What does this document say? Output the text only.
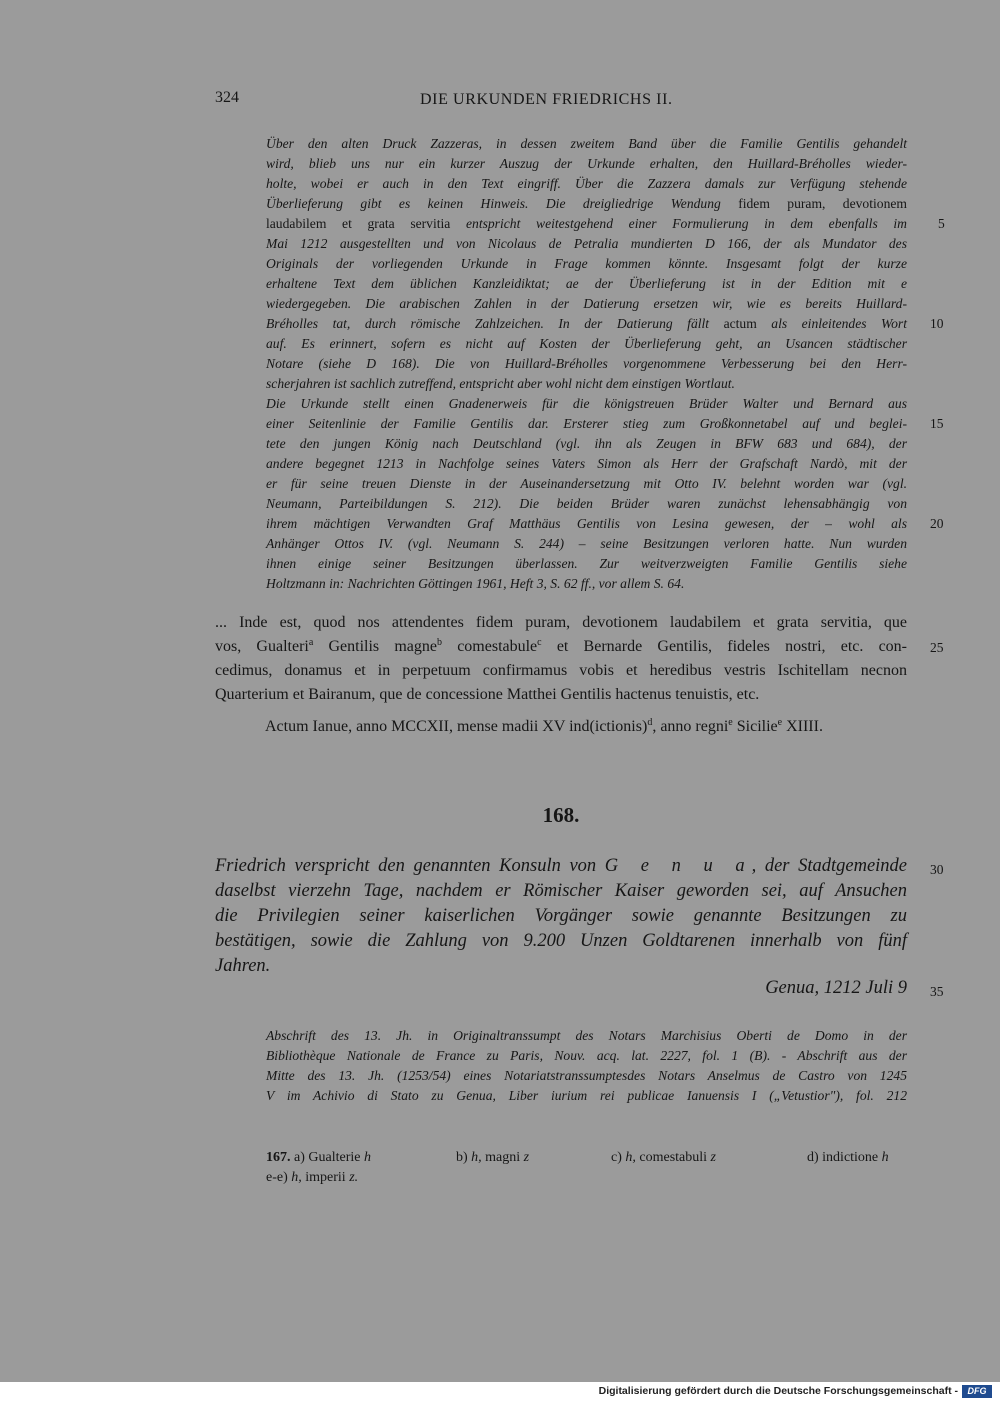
324	DIE URKUNDEN FRIEDRICHS II.
Über den alten Druck Zazzeras, in dessen zweitem Band über die Familie Gentilis gehandelt
wird, blieb uns nur ein kurzer Auszug der Urkunde erhalten, den Huillard-Bréholles wieder-
holte, wobei er auch in den Text eingriff. Über die Zazzera damals zur Verfügung stehende
Überlieferung gibt es keinen Hinweis. Die dreigliedrige Wendung fidem puram, devotionem
laudabilem et grata servitia entspricht weitestgehend einer Formulierung in dem ebenfalls im
Mai 1212 ausgestellten und von Nicolaus de Petralia mundierten D 166, der als Mundator des
Originals der vorliegenden Urkunde in Frage kommen könnte. Insgesamt folgt der kurze
erhaltene Text dem üblichen Kanzleidiktat; ae der Überlieferung ist in der Edition mit e
wiedergegeben. Die arabischen Zahlen in der Datierung ersetzen wir, wie es bereits Huillard-
Bréholles tat, durch römische Zahlzeichen. In der Datierung fällt actum als einleitendes Wort
auf. Es erinnert, sofern es nicht auf Kosten der Überlieferung geht, an Usancen städtischer
Notare (siehe D 168). Die von Huillard-Bréholles vorgenommene Verbesserung bei den Herr-
scherjahren ist sachlich zutreffend, entspricht aber wohl nicht dem einstigen Wortlaut.
Die Urkunde stellt einen Gnadenerweis für die königstreuen Brüder Walter und Bernard aus
einer Seitenlinie der Familie Gentilis dar. Ersterer stieg zum Großkonnetabel auf und beglei-
tete den jungen König nach Deutschland (vgl. ihn als Zeugen in BFW 683 und 684), der
andere begegnet 1213 in Nachfolge seines Vaters Simon als Herr der Grafschaft Nardò, mit der
er für seine treuen Dienste in der Auseinandersetzung mit Otto IV. belehnt worden war (vgl.
Neumann, Parteibildungen S. 212). Die beiden Brüder waren zunächst lehensabhängig von
ihrem mächtigen Verwandten Graf Matthäus Gentilis von Lesina gewesen, der – wohl als
Anhänger Ottos IV. (vgl. Neumann S. 244) – seine Besitzungen verloren hatte. Nun wurden
ihnen einige seiner Besitzungen überlassen. Zur weitverzweigten Familie Gentilis siehe
Holtzmann in: Nachrichten Göttingen 1961, Heft 3, S. 62 ff., vor allem S. 64.
5
10
15
20
25
30
35
... Inde est, quod nos attendentes fidem puram, devotionem laudabilem et grata servitia, que
vos, Gualteri$^a$ Gentilis magne$^b$ comestabule$^c$ et Bernarde Gentilis, fideles nostri, etc. con-
cedimus, donamus et in perpetuum confirmamus vobis et heredibus vestris Ischitellam necnon
Quarterium et Bairanum, que de concessione Matthei Gentilis hactenus tenuistis, etc.
Actum Ianue, anno MCCXII, mense madii XV ind(ictionis)$^d$, anno regni$^e$ Sicilie$^e$ XIIII.
168.
Friedrich verspricht den genannten Konsuln von G e n u a, der Stadtgemeinde
daselbst vierzehn Tage, nachdem er Römischer Kaiser geworden sei, auf Ansuchen
die Privilegien seiner kaiserlichen Vorgänger sowie genannte Besitzungen zu
bestätigen, sowie die Zahlung von 9.200 Unzen Goldtarenen innerhalb von fünf
Jahren.
Genua, 1212 Juli 9
Abschrift des 13. Jh. in Originaltranssumpt des Notars Marchisius Oberti de Domo in der
Bibliothèque Nationale de France zu Paris, Nouv. acq. lat. 2227, fol. 1 (B). - Abschrift aus der
Mitte des 13. Jh. (1253/54) eines Notariatstranssumptesdes Notars Anselmus de Castro von 1245
V im Achivio di Stato zu Genua, Liber iurium rei publicae Ianuensis I („Vetustior"), fol. 212
167. a) Gualterie h	b) h, magni z	c) h, comestabuli z	d) indictione h
e-e) h, imperii z.
Digitalisierung gefördert durch die Deutsche Forschungsgemeinschaft -	DFG
